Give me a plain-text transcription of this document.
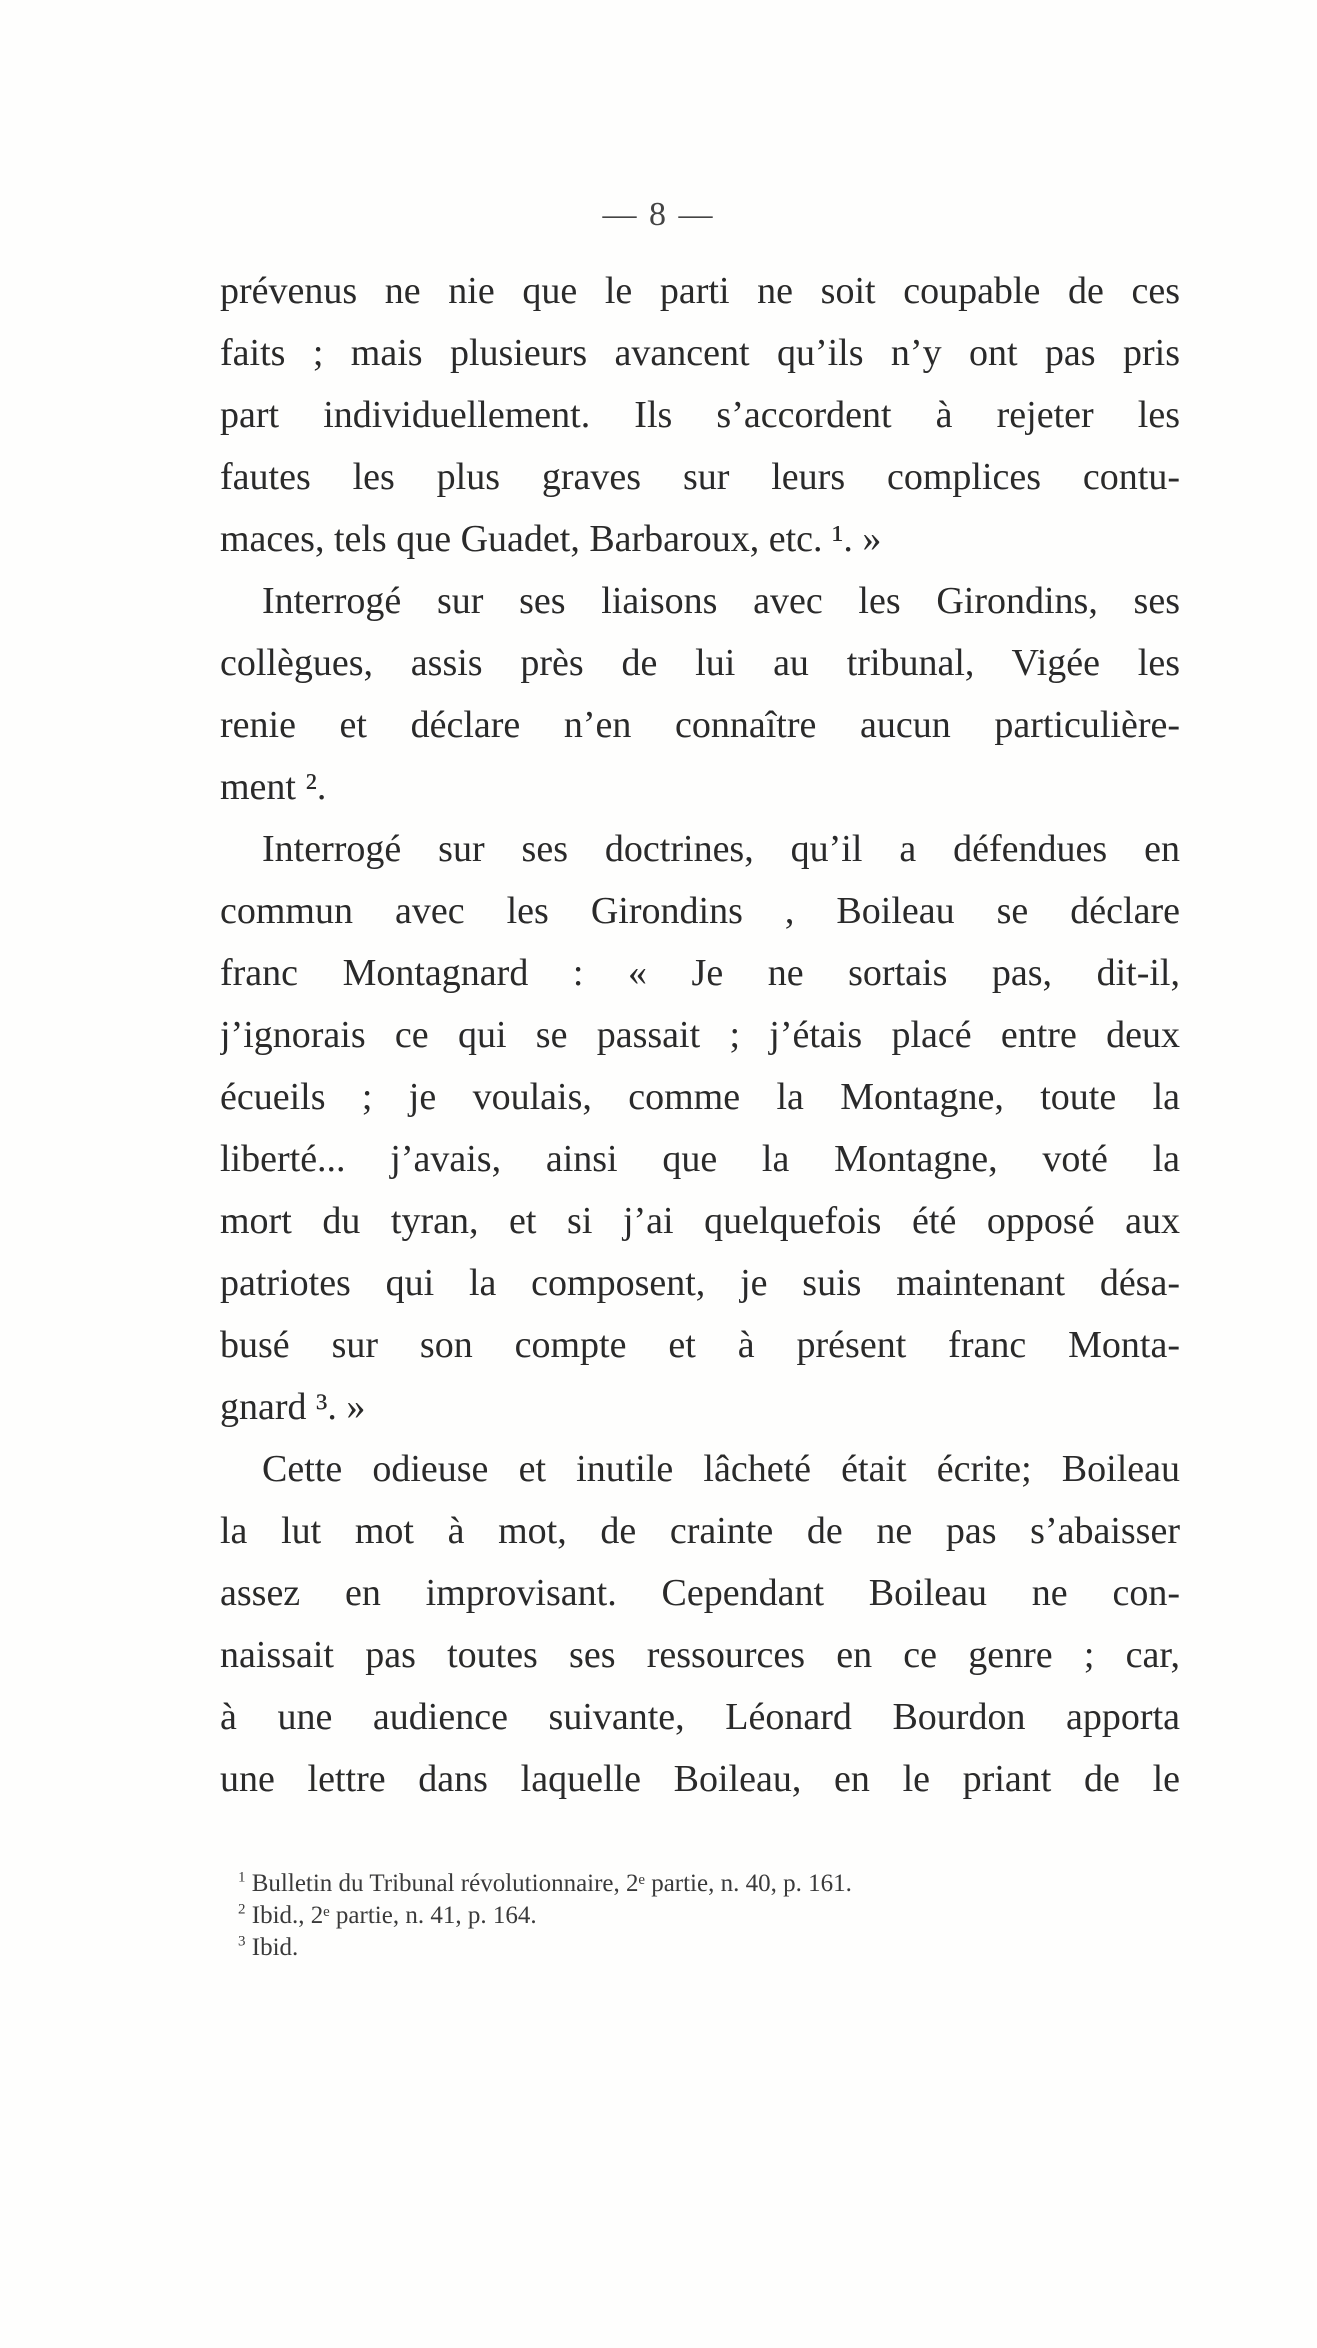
— 8 —
prévenus ne nie que le parti ne soit coupable de ces
faits ; mais plusieurs avancent qu’ils n’y ont pas pris
part individuellement. Ils s’accordent à rejeter les
fautes les plus graves sur leurs complices contu-
maces, tels que Guadet, Barbaroux, etc. ¹. »
Interrogé sur ses liaisons avec les Girondins, ses
collègues, assis près de lui au tribunal, Vigée les
renie et déclare n’en connaître aucun particulière-
ment ².
Interrogé sur ses doctrines, qu’il a défendues en
commun avec les Girondins , Boileau se déclare
franc Montagnard : « Je ne sortais pas, dit-il,
j’ignorais ce qui se passait ; j’étais placé entre deux
écueils ; je voulais, comme la Montagne, toute la
liberté... j’avais, ainsi que la Montagne, voté la
mort du tyran, et si j’ai quelquefois été opposé aux
patriotes qui la composent, je suis maintenant désa-
busé sur son compte et à présent franc Monta-
gnard ³. »
Cette odieuse et inutile lâcheté était écrite; Boileau
la lut mot à mot, de crainte de ne pas s’abaisser
assez en improvisant. Cependant Boileau ne con-
naissait pas toutes ses ressources en ce genre ; car,
à une audience suivante, Léonard Bourdon apporta
une lettre dans laquelle Boileau, en le priant de le
$^1$ Bulletin du Tribunal révolutionnaire, 2ᵉ partie, n. 40, p. 161.
$^2$ Ibid., 2ᵉ partie, n. 41, p. 164.
$^3$ Ibid.
